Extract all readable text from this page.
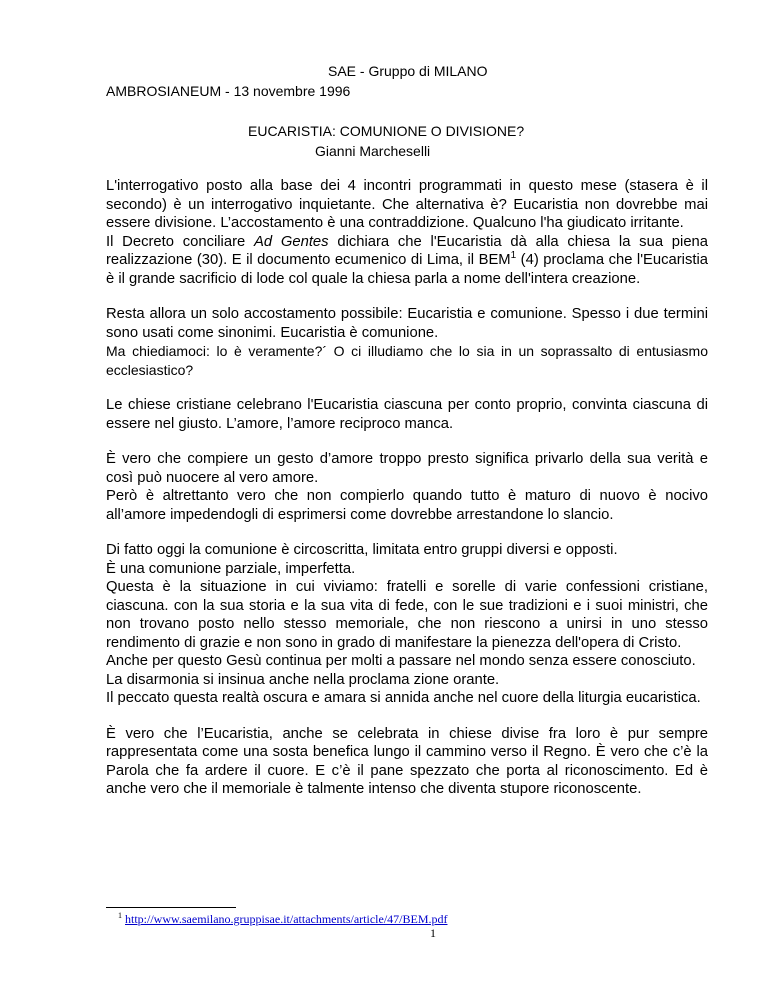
SAE - Gruppo di MILANO
AMBROSIANEUM - 13 novembre 1996
EUCARISTIA: COMUNIONE O DIVISIONE?
Gianni Marcheselli

L'interrogativo posto alla base dei 4 incontri programmati in questo mese (stasera è il secondo) è un interrogativo inquietante. Che alternativa è? Eucaristia non dovrebbe mai essere divisione. L’accostamento è una contraddizione. Qualcuno l'ha giudicato irritante.

Il Decreto conciliare Ad Gentes dichiara che l'Eucaristia dà alla chiesa la sua piena realizzazione (30). E il documento ecumenico di Lima, il BEM$^1$ (4) proclama che l'Eucaristia è il grande sacrificio di lode col quale la chiesa parla a nome dell'intera creazione.

Resta allora un solo accostamento possibile: Eucaristia e comunione. Spesso i due termini sono usati come sinonimi. Eucaristia è comunione.

Ma chiediamoci: lo è veramente?´ O ci illudiamo che lo sia in un soprassalto di entusiasmo ecclesiastico?

Le chiese cristiane celebrano l'Eucaristia ciascuna per conto proprio, convinta ciascuna di essere nel giusto. L’amore, l’amore reciproco manca.

È vero che compiere un gesto d’amore troppo presto significa privarlo della sua verità e così può nuocere al vero amore.

Però è altrettanto vero che non compierlo quando tutto è maturo di nuovo è nocivo all’amore impedendogli di esprimersi come dovrebbe arrestandone lo slancio.

Di fatto oggi la comunione è circoscritta, limitata entro gruppi diversi e opposti.

È una comunione parziale, imperfetta.

Questa è la situazione in cui viviamo: fratelli e sorelle di varie confessioni cristiane, ciascuna. con la sua storia e la sua vita di fede, con le sue tradizioni e i suoi ministri, che non trovano posto nello stesso memoriale, che non riescono a unirsi in uno stesso rendimento di grazie e non sono in grado di manifestare la pienezza dell'opera di Cristo.

Anche per questo Gesù continua per molti a passare nel mondo senza essere conosciuto.

La disarmonia si insinua anche nella proclama zione orante.

Il peccato questa realtà oscura e amara si annida anche nel cuore della liturgia eucaristica.

È vero che l’Eucaristia, anche se celebrata in chiese divise fra loro è pur sempre rappresentata come una sosta benefica lungo il cammino verso il Regno. È vero che c’è la Parola che fa ardere il cuore. E c’è il pane spezzato che porta al riconoscimento. Ed è anche vero che il memoriale è talmente intenso che diventa stupore riconoscente.

$^1$ http://www.saemilano.gruppisae.it/attachments/article/47/BEM.pdf
1
